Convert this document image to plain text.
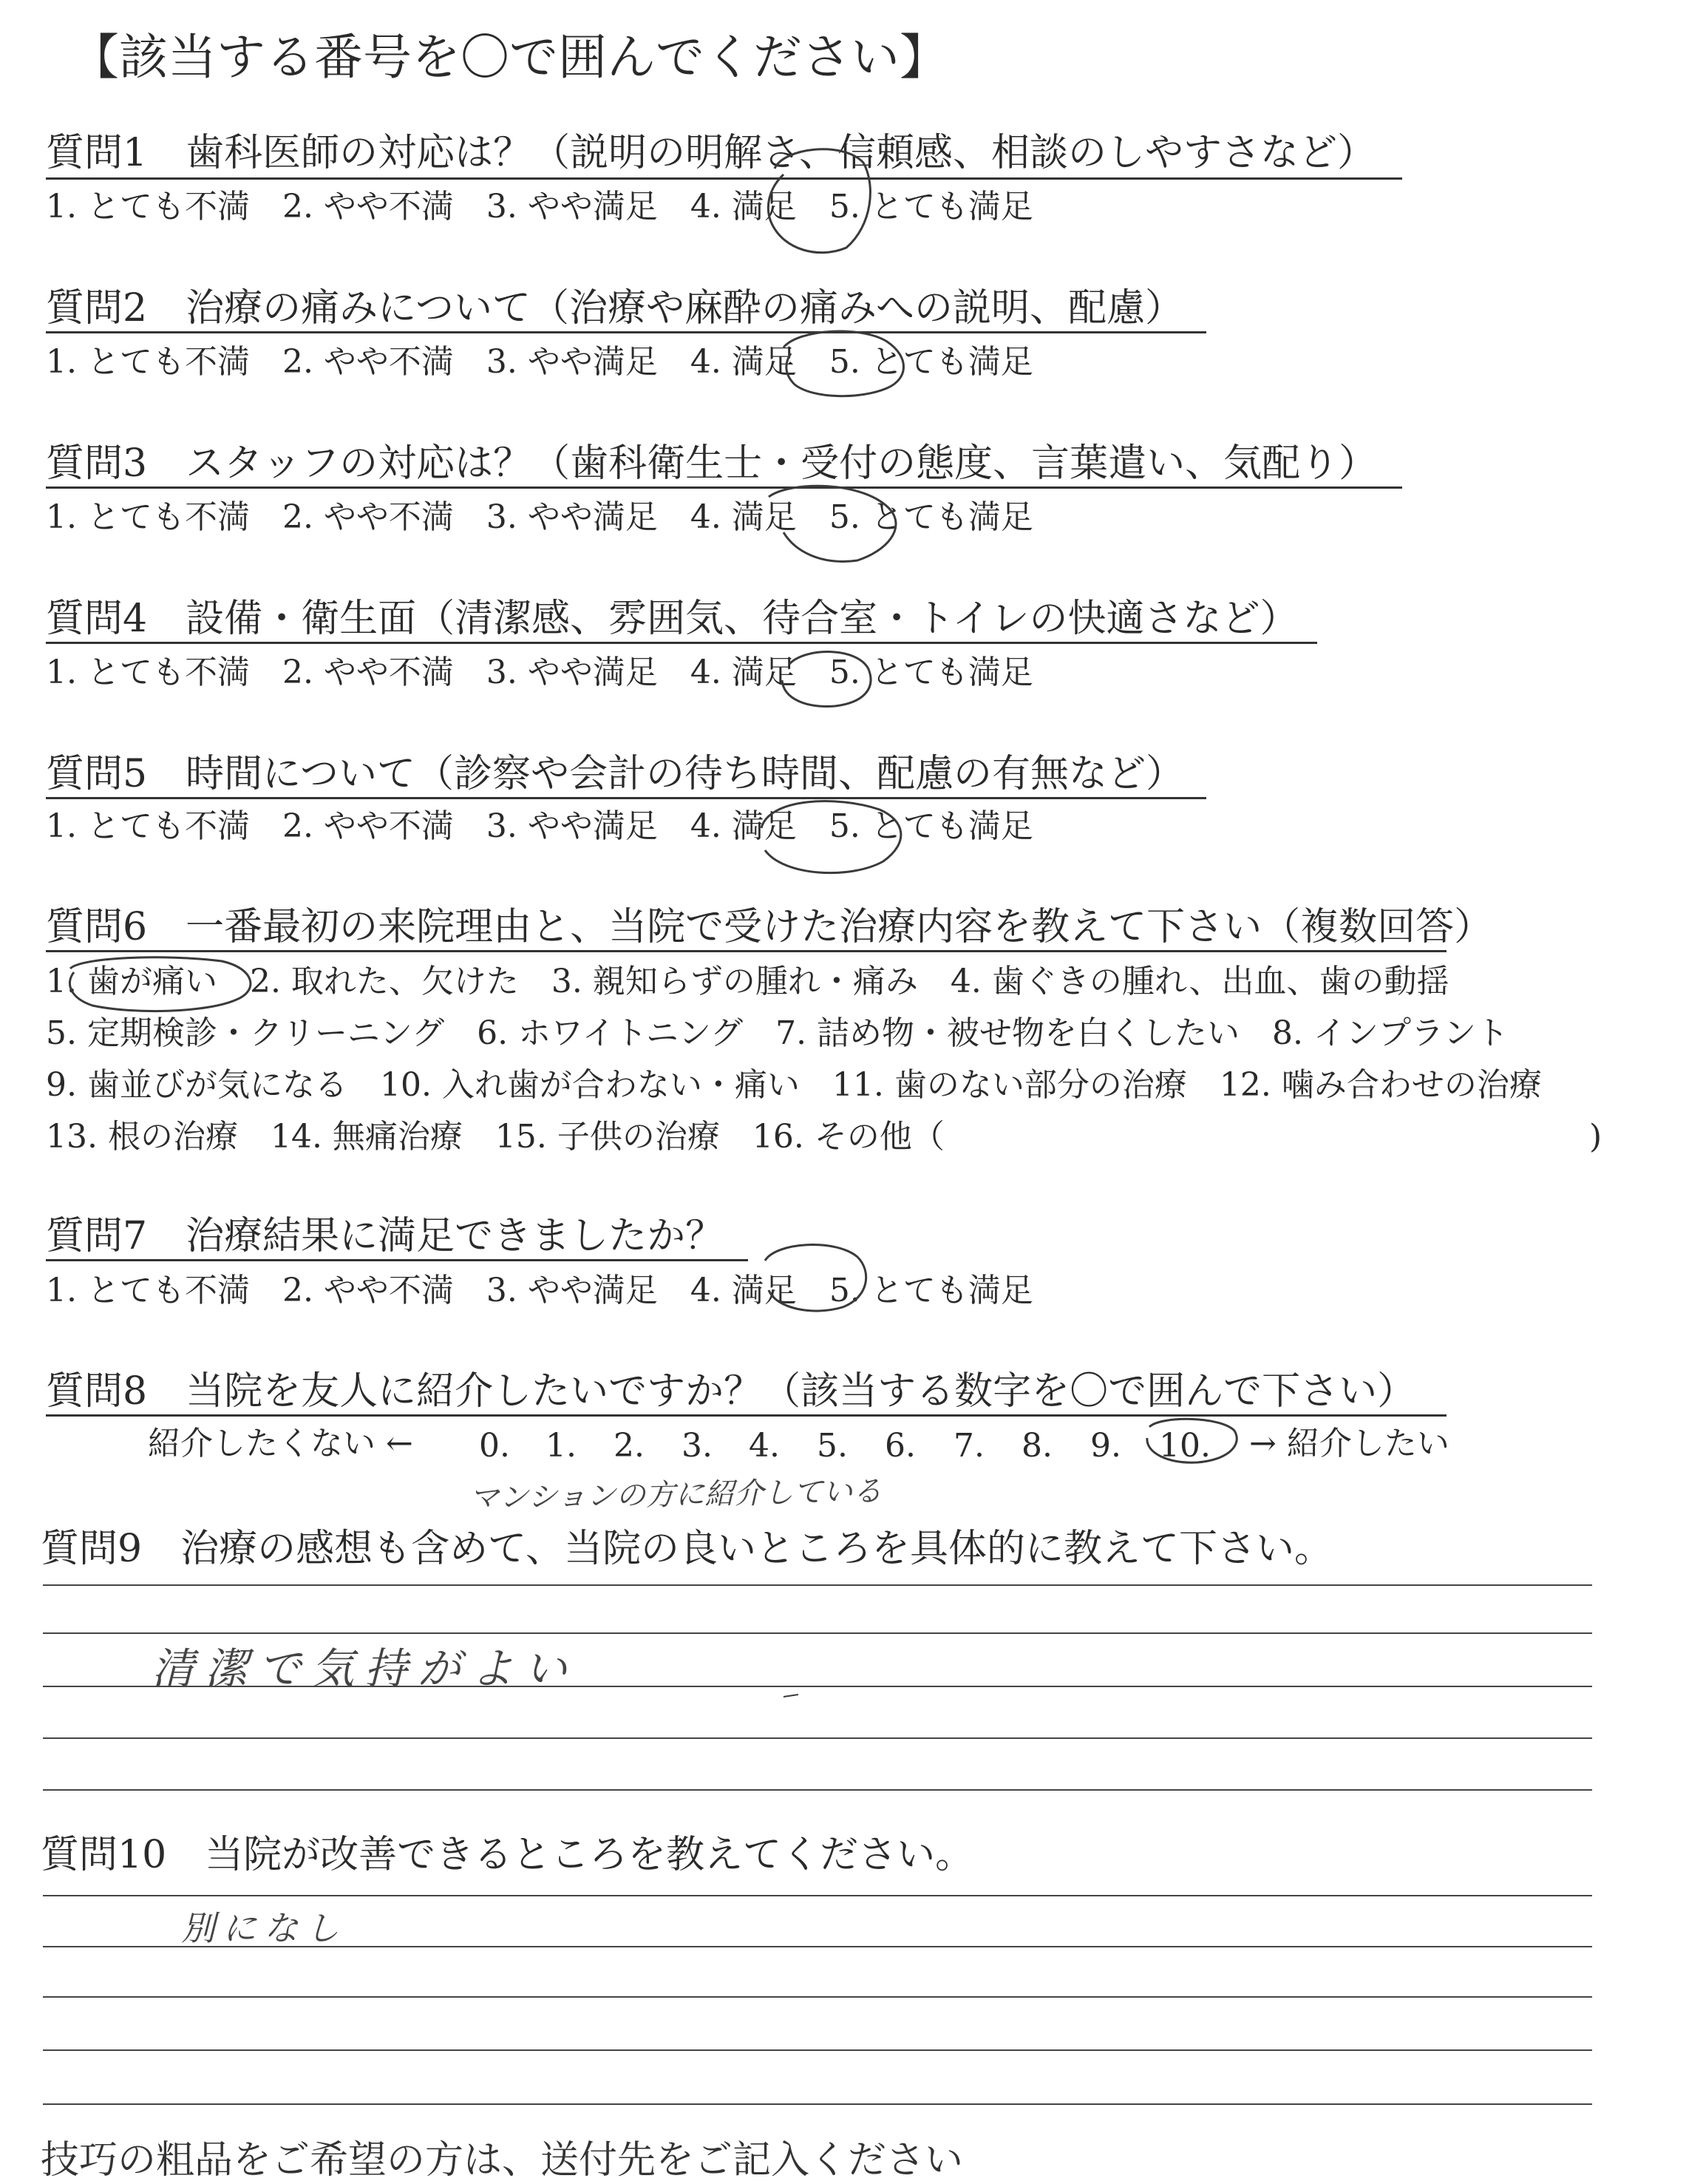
【該当する番号を〇で囲んでください】
質問1　歯科医師の対応は？（説明の明解さ、信頼感、相談のしやすさなど）
1. とても不満　2. やや不満　3. やや満足　4. 満足　5. とても満足
質問2　治療の痛みについて（治療や麻酔の痛みへの説明、配慮）
1. とても不満　2. やや不満　3. やや満足　4. 満足　5. とても満足
質問3　スタッフの対応は？（歯科衛生士・受付の態度、言葉遣い、気配り）
1. とても不満　2. やや不満　3. やや満足　4. 満足　5. とても満足
質問4　設備・衛生面（清潔感、雰囲気、待合室・トイレの快適さなど）
1. とても不満　2. やや不満　3. やや満足　4. 満足　5. とても満足
質問5　時間について（診察や会計の待ち時間、配慮の有無など）
1. とても不満　2. やや不満　3. やや満足　4. 満足　5. とても満足
質問6　一番最初の来院理由と、当院で受けた治療内容を教えて下さい（複数回答）
1. 歯が痛い　2. 取れた、欠けた　3. 親知らずの腫れ・痛み　4. 歯ぐきの腫れ、出血、歯の動揺
5. 定期検診・クリーニング　6. ホワイトニング　7. 詰め物・被せ物を白くしたい　8. インプラント
9. 歯並びが気になる　10. 入れ歯が合わない・痛い　11. 歯のない部分の治療　12. 噛み合わせの治療
13. 根の治療　14. 無痛治療　15. 子供の治療　16. その他（	)
質問7　治療結果に満足できましたか？
1. とても不満　2. やや不満　3. やや満足　4. 満足　5. とても満足
質問8　当院を友人に紹介したいですか？（該当する数字を〇で囲んで下さい）
紹介したくない ← 0. 1. 2. 3. 4. 5. 6. 7. 8. 9. 10. → 紹介したい
マンションの方に紹介している
質問9　治療の感想も含めて、当院の良いところを具体的に教えて下さい。
清潔で気持がよい
質問10　当院が改善できるところを教えてください。
別になし
技巧の粗品をご希望の方は、送付先をご記入ください
